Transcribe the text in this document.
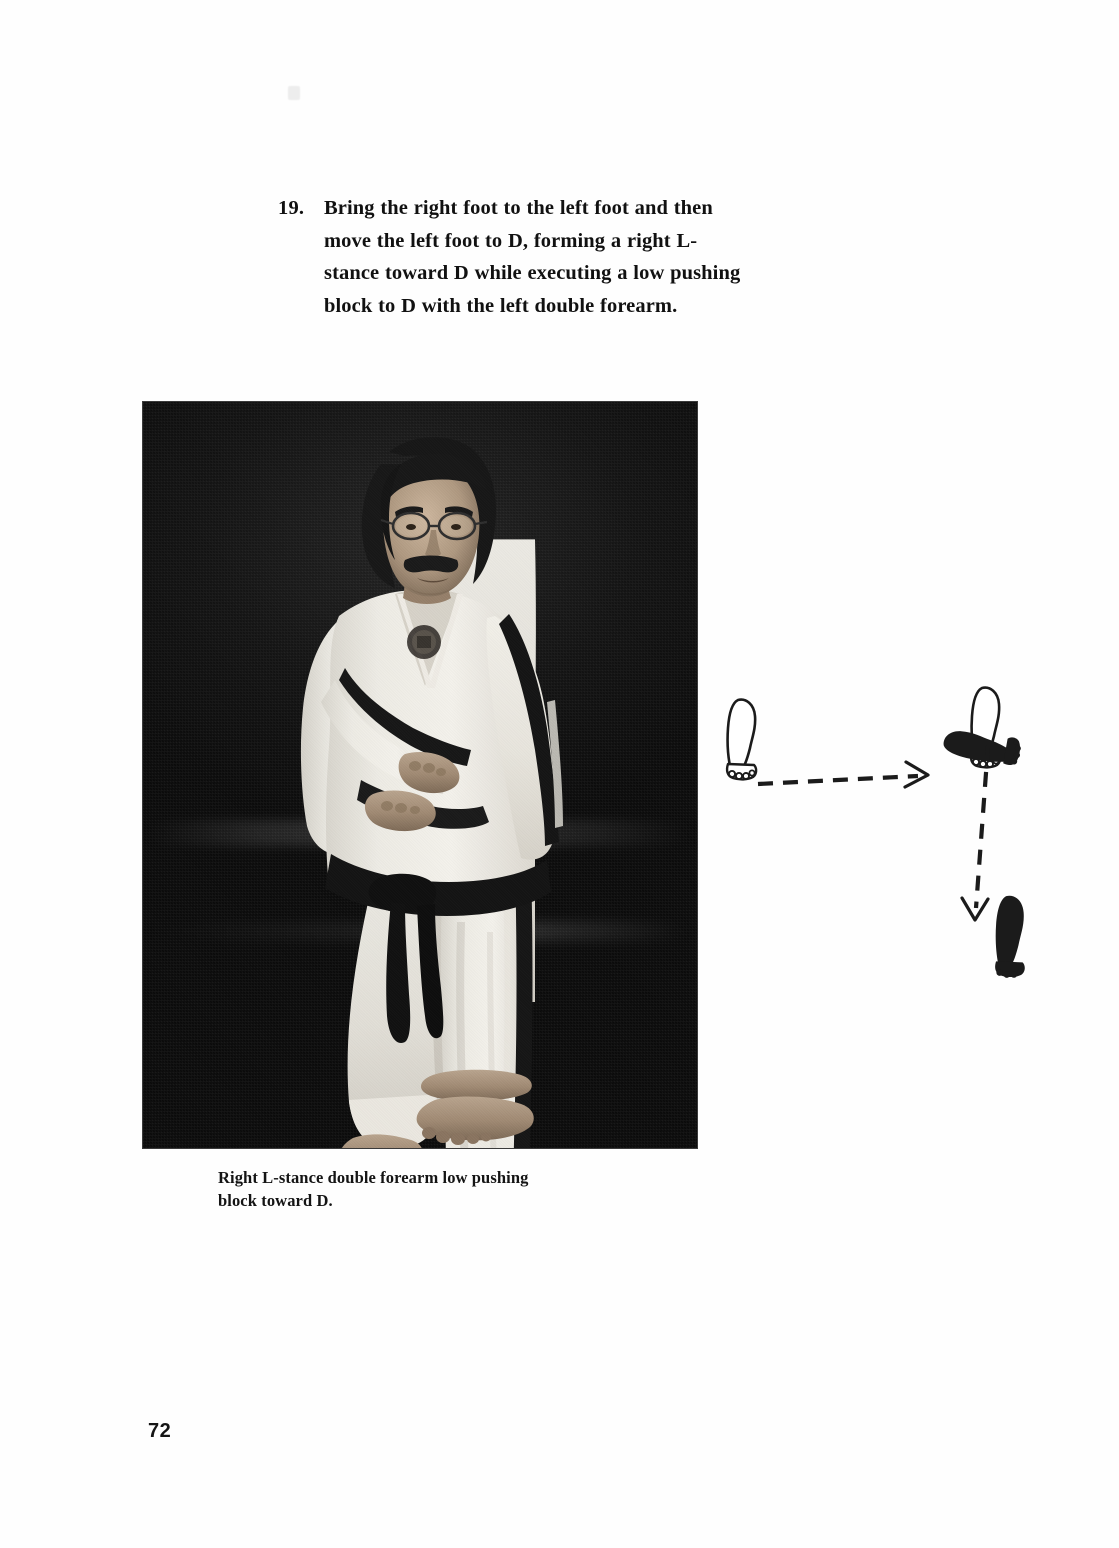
19. Bring the right foot to the left foot and then
move the left foot to D, forming a right L-
stance toward D while executing a low pushing
block to D with the left double forearm.
Right L-stance double forearm low pushing
block toward D.
72
